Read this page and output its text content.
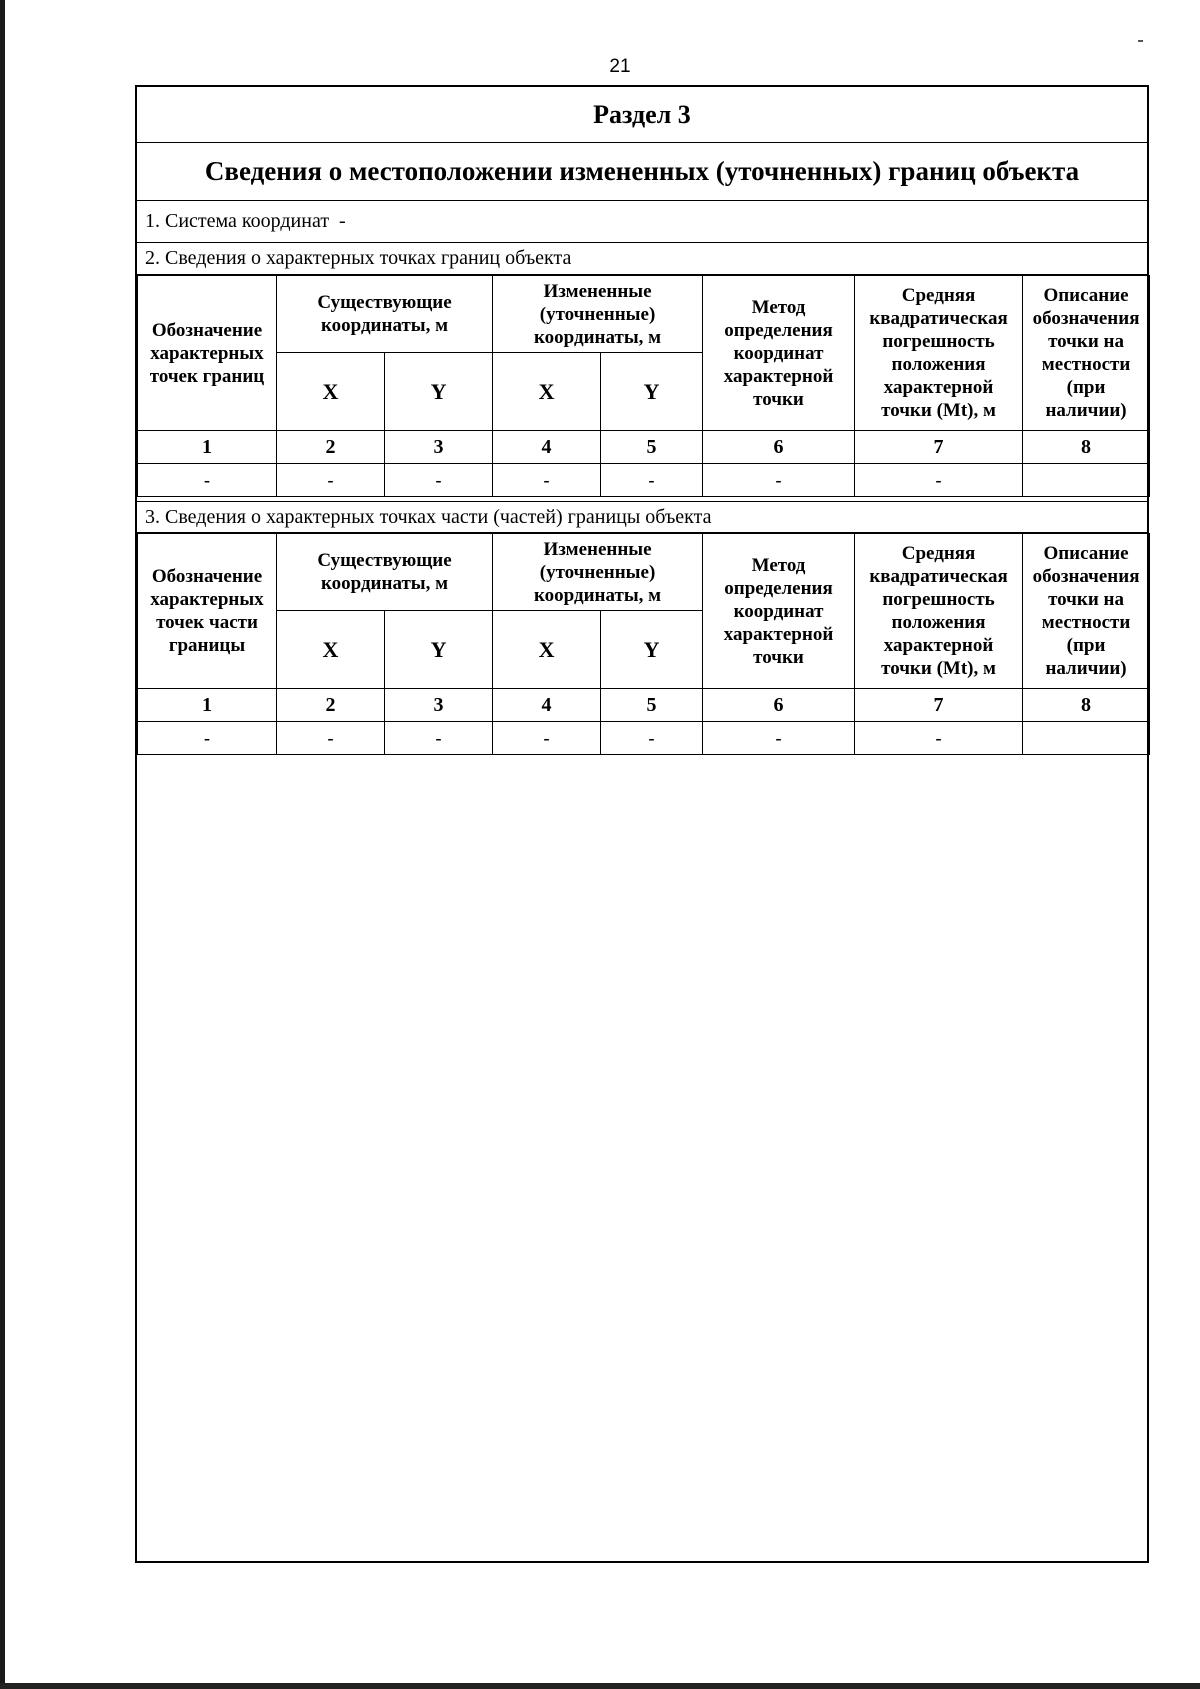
21
Раздел 3
Сведения о местоположении измененных (уточненных) границ объекта
1. Система координат  -
2. Сведения о характерных точках границ объекта
Обозначение характерных точек границ	Существующие координаты, м		Измененные (уточненные) координаты, м		Метод определения координат характерной точки	Средняя квадратическая погрешность положения характерной точки (Mt), м	Описание обозначения точки на местности (при наличии)
	X	Y	X	Y			
1	2	3	4	5	6	7	8
-	-	-	-	-	-	-	
3. Сведения о характерных точках части (частей) границы объекта
Обозначение характерных точек части границы	Существующие координаты, м		Измененные (уточненные) координаты, м		Метод определения координат характерной точки	Средняя квадратическая погрешность положения характерной точки (Mt), м	Описание обозначения точки на местности (при наличии)
	X	Y	X	Y			
1	2	3	4	5	6	7	8
-	-	-	-	-	-	-	
